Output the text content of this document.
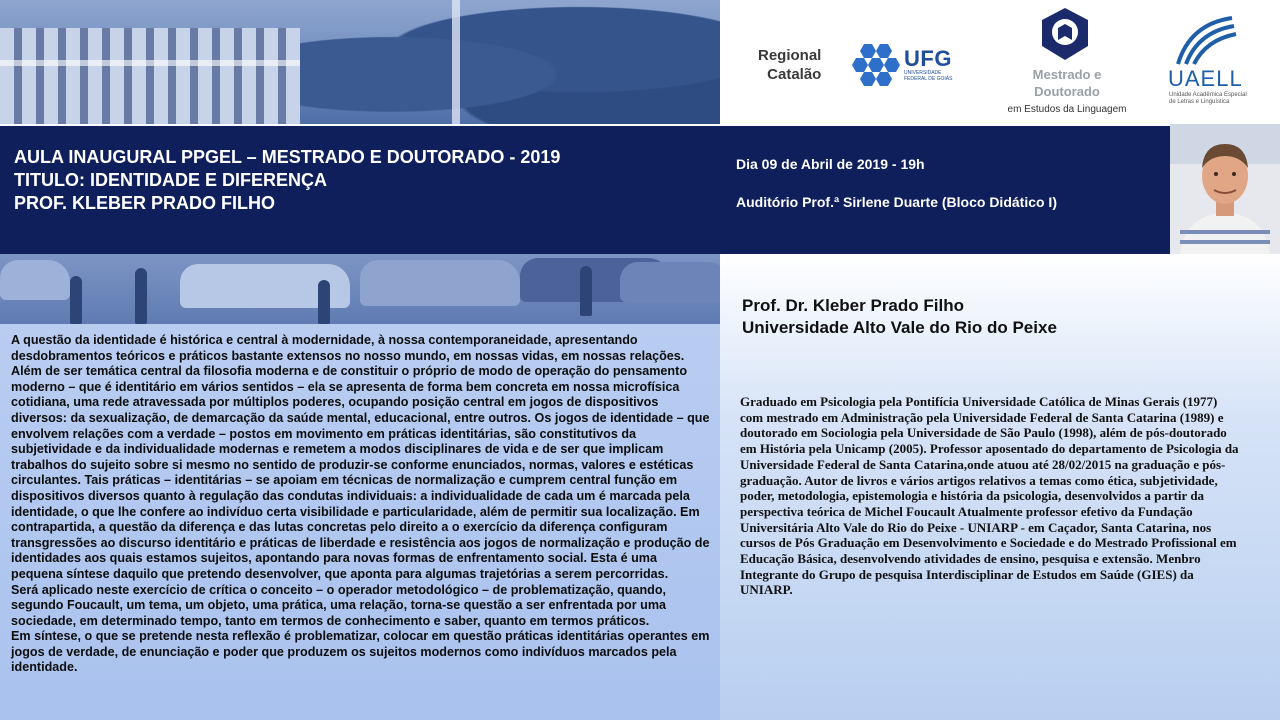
Regional
Catalão
UFG
UNIVERSIDADE FEDERAL DE GOIÁS	Mestrado e
Doutorado
em Estudos da Linguagem
UAELL
Unidade Acadêmica Especial de Letras e Linguística
AULA INAUGURAL PPGEL – MESTRADO E DOUTORADO - 2019
TITULO: IDENTIDADE E DIFERENÇA
PROF. KLEBER PRADO FILHO
Dia 09 de Abril de 2019 - 19h
Auditório Prof.ª Sirlene Duarte (Bloco Didático I)

A questão da identidade é histórica e central à modernidade, à nossa contemporaneidade, apresentando desdobramentos teóricos e práticos bastante extensos no nosso mundo, em nossas vidas, em nossas relações. Além de ser temática central da filosofia moderna e de constituir o próprio de modo de operação do pensamento moderno – que é identitário em vários sentidos – ela se apresenta de forma bem concreta em nossa microfísica cotidiana, uma rede atravessada por múltiplos poderes, ocupando posição central em jogos de dispositivos diversos: da sexualização, de demarcação da saúde mental, educacional, entre outros. Os jogos de identidade – que envolvem relações com a verdade – postos em movimento em práticas identitárias, são constitutivos da subjetividade e da individualidade modernas e remetem a modos disciplinares de vida e de ser que implicam trabalhos do sujeito sobre si mesmo no sentido de produzir-se conforme enunciados, normas, valores e estéticas circulantes. Tais práticas – identitárias – se apoiam em técnicas de normalização e cumprem central função em dispositivos diversos quanto à regulação das condutas individuais: a individualidade de cada um é marcada pela identidade, o que lhe confere ao indivíduo certa visibilidade e particularidade, além de permitir sua localização. Em contrapartida, a questão da diferença e das lutas concretas pelo direito a o exercício da diferença configuram transgressões ao discurso identitário e práticas de liberdade e resistência aos jogos de normalização e produção de identidades aos quais estamos sujeitos, apontando para novas formas de enfrentamento social. Esta é uma pequena síntese daquilo que pretendo desenvolver, que aponta para algumas trajetórias a serem percorridas.

Será aplicado neste exercício de crítica o conceito – o operador metodológico – de problematização, quando, segundo Foucault, um tema, um objeto, uma prática, uma relação, torna-se questão a ser enfrentada por uma sociedade, em determinado tempo, tanto em termos de conhecimento e saber, quanto em termos práticos.

Em síntese, o que se pretende nesta reflexão é problematizar, colocar em questão práticas identitárias operantes em jogos de verdade, de enunciação e poder que produzem os sujeitos modernos como indivíduos marcados pela identidade.

Prof. Dr. Kleber Prado Filho
Universidade Alto Vale do Rio do Peixe
Graduado em Psicologia pela Pontifícia Universidade Católica de Minas Gerais (1977) com mestrado em Administração pela Universidade Federal de Santa Catarina (1989) e doutorado em Sociologia pela Universidade de São Paulo (1998), além de pós-doutorado em História pela Unicamp (2005). Professor aposentado do departamento de Psicologia da Universidade Federal de Santa Catarina,onde atuou até 28/02/2015 na graduação e pós-graduação. Autor de livros e vários artigos relativos a temas como ética, subjetividade, poder, metodologia, epistemologia e história da psicologia, desenvolvidos a partir da perspectiva teórica de Michel Foucault Atualmente professor efetivo da Fundação Universitária Alto Vale do Rio do Peixe - UNIARP - em Caçador, Santa Catarina, nos cursos de Pós Graduação em Desenvolvimento e Sociedade e do Mestrado Profissional em Educação Básica, desenvolvendo atividades de ensino, pesquisa e extensão. Menbro Integrante do Grupo de pesquisa Interdisciplinar de Estudos em Saúde (GIES) da UNIARP.
